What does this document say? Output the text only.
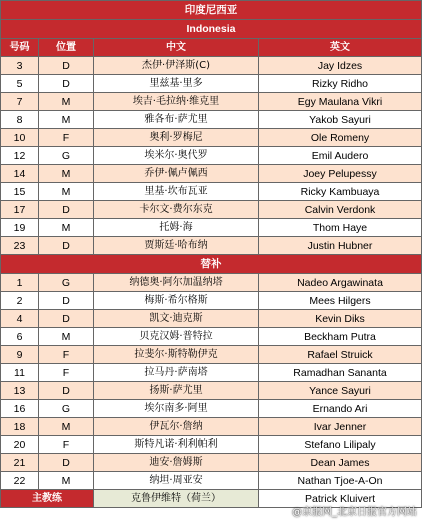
印度尼西亚			
Indonesia			
号码	位置	中文	英文
3	D	杰伊·伊泽斯(C)	Jay Idzes
5	D	里兹基·里多	Rizky Ridho
7	M	埃吉·毛拉纳·维克里	Egy Maulana Vikri
8	M	雅各布·萨尤里	Yakob Sayuri
10	F	奥利·罗梅尼	Ole Romeny
12	G	埃米尔·奥代罗	Emil Audero
14	M	乔伊·佩卢佩西	Joey Pelupessy
15	M	里基·坎布瓦亚	Ricky Kambuaya
17	D	卡尔文·费尔东克	Calvin Verdonk
19	M	托姆·海	Thom Haye
23	D	贾斯廷·哈布纳	Justin Hubner
替补			
1	G	纳德奥·阿尔加温纳塔	Nadeo Argawinata
2	D	梅斯·希尔格斯	Mees Hilgers
4	D	凯文·迪克斯	Kevin Diks
6	M	贝克汉姆·普特拉	Beckham Putra
9	F	拉斐尔·斯特勒伊克	Rafael Struick
11	F	拉马丹·萨南塔	Ramadhan Sananta
13	D	扬斯·萨尤里	Yance Sayuri
16	G	埃尔南多·阿里	Ernando Ari
18	M	伊瓦尔·詹纳	Ivar Jenner
20	F	斯特凡诺·利利帕利	Stefano Lilipaly
21	D	迪安·詹姆斯	Dean James
22	M	纳坦·周亚安	Nathan Tjoe-A-On
主教练		克鲁伊维特（荷兰）	Patrick Kluivert
@京报网_北京日报官方网站
